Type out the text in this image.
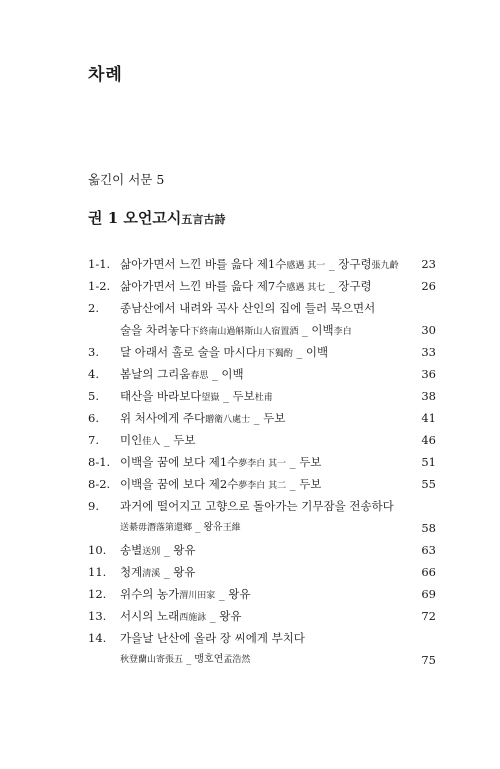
차례
옮긴이 서문 5
권 1 오언고시五言古詩
1-1. 삶아가면서 느낀 바를 읊다 제1수感遇 其一 _ 장구령張九齡 23
1-2. 삶아가면서 느낀 바를 읊다 제7수感遇 其七 _ 장구령	26
2. 종남산에서 내려와 곡사 산인의 집에 들러 묵으면서
술을 차려놓다下終南山過斛斯山人宿置酒 _ 이백李白	30
3. 달 아래서 홀로 술을 마시다月下獨酌 _ 이백	33
4. 봄날의 그리움春思 _ 이백	36
5. 태산을 바라보다望嶽 _ 두보杜甫	38
6. 위 처사에게 주다贈衛八處士 _ 두보	41
7. 미인佳人 _ 두보	46
8-1. 이백을 꿈에 보다 제1수夢李白 其一 _ 두보	51
8-2. 이백을 꿈에 보다 제2수夢李白 其二 _ 두보	55
9. 과거에 떨어지고 고향으로 돌아가는 기무잠을 전송하다
送綦毋潛落第還鄉 _ 왕유王維	58
10. 송별送別 _ 왕유	63
11. 청계淸溪 _ 왕유	66
12. 위수의 농가渭川田家 _ 왕유	69
13. 서시의 노래西施詠 _ 왕유	72
14. 가을날 난산에 올라 장 씨에게 부치다
秋登蘭山寄張五 _ 맹호연孟浩然	75
